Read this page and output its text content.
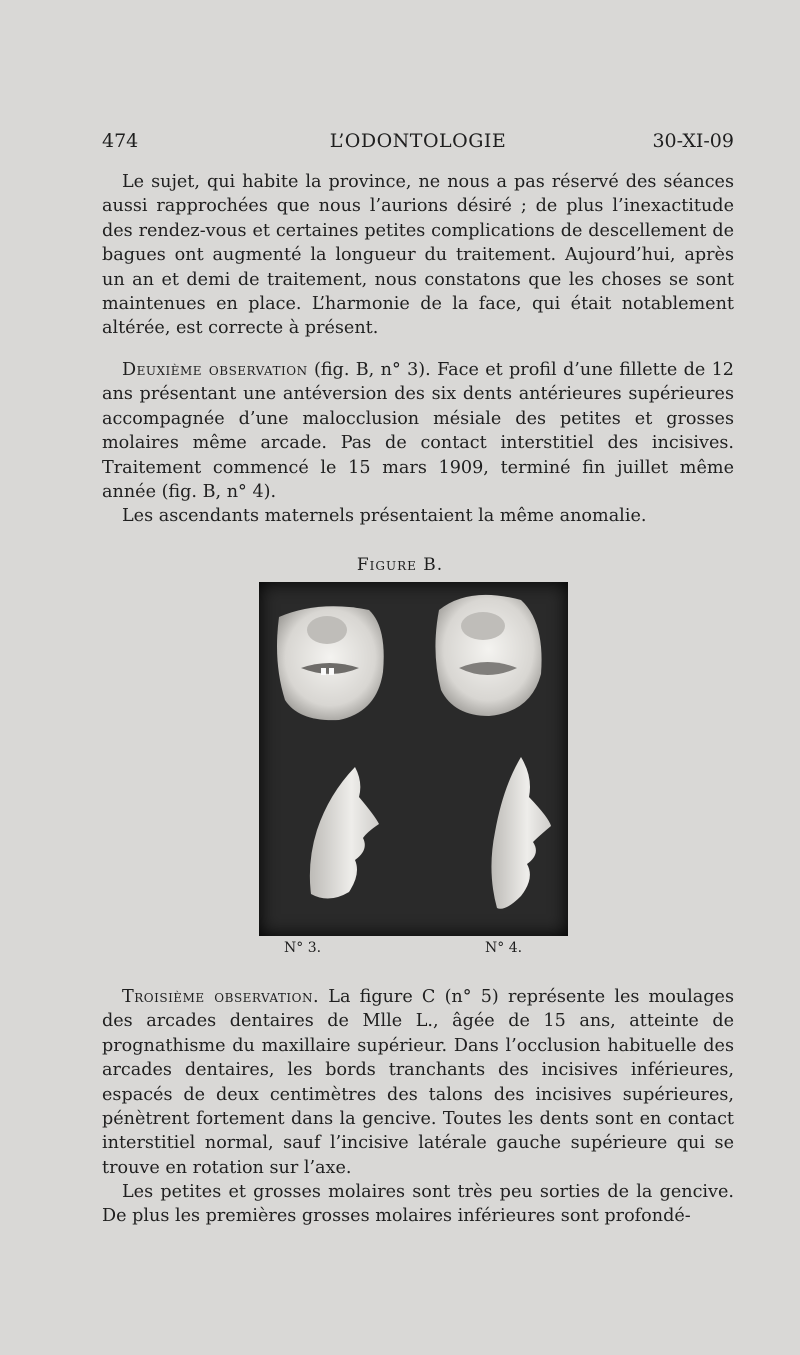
474	L’ODONTOLOGIE	30-XI-09

Le sujet, qui habite la province, ne nous a pas réservé des séances aussi rapprochées que nous l’aurions désiré ; de plus l’inexactitude des rendez-vous et certaines petites complications de descellement de bagues ont augmenté la longueur du traitement. Aujourd’hui, après un an et demi de traitement, nous constatons que les choses se sont maintenues en place. L’harmonie de la face, qui était notablement altérée, est correcte à présent.

Deuxième observation (fig. B, n° 3). Face et profil d’une fillette de 12 ans présentant une antéversion des six dents antérieures supérieures accompagnée d’une malocclusion mésiale des petites et grosses molaires même arcade. Pas de contact interstitiel des incisives. Traitement commencé le 15 mars 1909, terminé fin juillet même année (fig. B, n° 4).

Les ascendants maternels présentaient la même anomalie.

Figure B.
N° 3.	N° 4.

Troisième observation. La figure C (n° 5) représente les moulages des arcades dentaires de Mlle L., âgée de 15 ans, atteinte de prognathisme du maxillaire supérieur. Dans l’occlusion habituelle des arcades dentaires, les bords tranchants des incisives inférieures, espacés de deux centimètres des talons des incisives supérieures, pénètrent fortement dans la gencive. Toutes les dents sont en contact interstitiel normal, sauf l’incisive latérale gauche supérieure qui se trouve en rotation sur l’axe.

Les petites et grosses molaires sont très peu sorties de la gencive. De plus les premières grosses molaires inférieures sont profondé-
